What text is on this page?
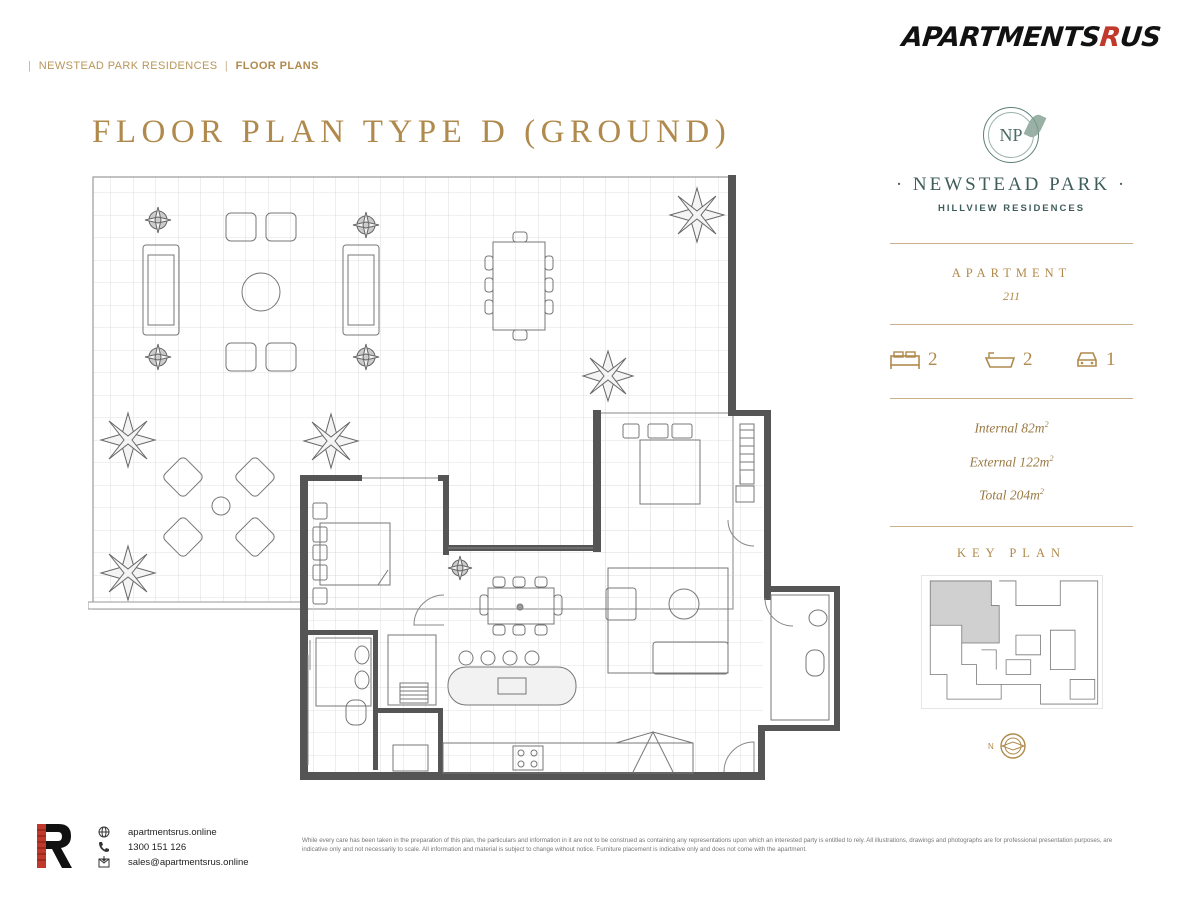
| NEWSTEAD PARK RESIDENCES | FLOOR PLANS
APARTMENTSRUS
FLOOR PLAN TYPE D (GROUND)	NP
· NEWSTEAD PARK ·
HILLVIEW RESIDENCES
APARTMENT
211
2	2	1
Internal $82m^2$
External $122m^2$
Total $204m^2$
KEY PLAN
N
apartmentsrus.online
1300 151 126
sales@apartmentsrus.online
While every care has been taken in the preparation of this plan, the particulars and information in it are not to be construed as containing any representations upon which an interested party is entitled to rely. All illustrations, drawings and photographs are for professional presentation purposes, are indicative only and not necessarily to scale. All information and material is subject to change without notice. Furniture placement is indicative only and does not come with the apartment.
